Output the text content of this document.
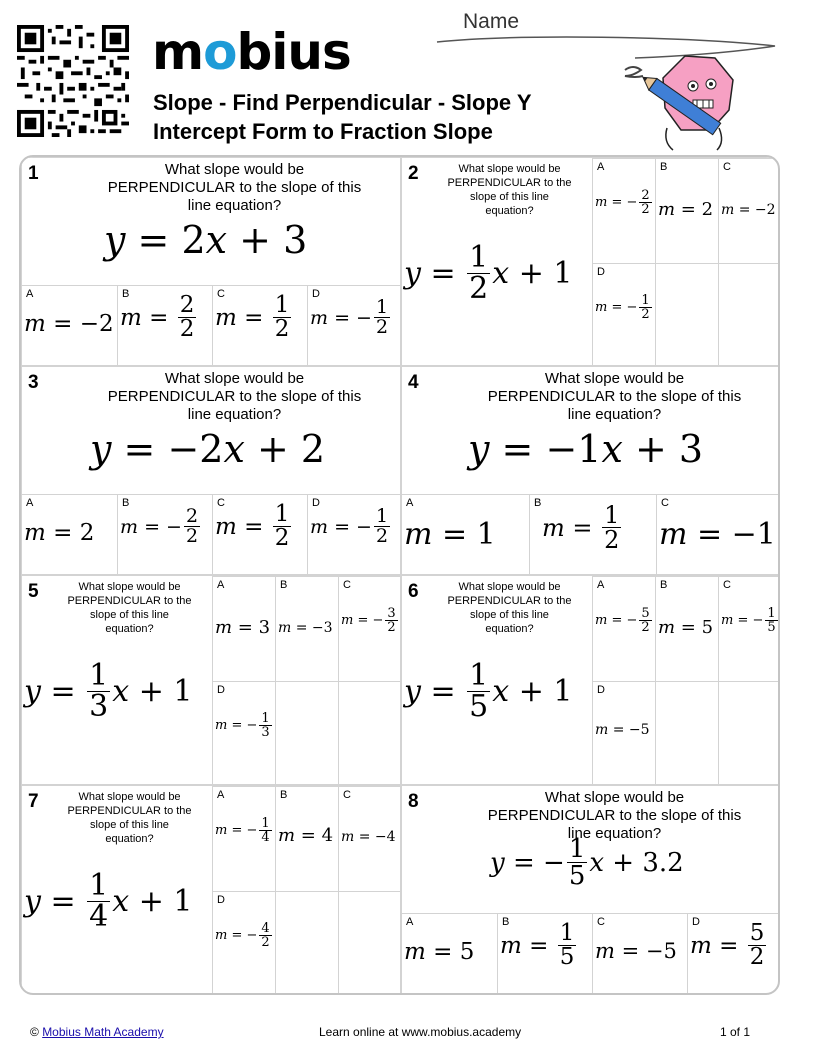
mobius
Slope - Find Perpendicular - Slope Y Intercept Form to Fraction Slope
Name
1	What slope would be PERPENDICULAR to the slope of this line equation?
y = 2 x + 3
A
m = −2
B
$m = \frac{2}{2}$ C
$m = \frac{1}{2}$ D
m = − $\frac{1}{2}$
2	What slope would be PERPENDICULAR to the slope of this line equation?
$y = \frac{1}{2}$ x + 1
A
m = − $\frac{2}{2}$
B
m = 2
C
m = −2
D
m = − $\frac{1}{2}$
3	What slope would be PERPENDICULAR to the slope of this line equation?
y = −2 x + 2
A
m = 2
B
m = − $\frac{2}{2}$
C
$m = \frac{1}{2}$ D
m = − $\frac{1}{2}$
4	What slope would be PERPENDICULAR to the slope of this line equation?
y = −1 x + 3
A
m = 1
B
$m = \frac{1}{2}$	C
m = −1
5	What slope would be PERPENDICULAR to the slope of this line equation?
$y = \frac{1}{3}$ x + 1
A
m = 3
B
m = −3
C
m = − $\frac{3}{2}$
D
m = − $\frac{1}{3}$
6	What slope would be PERPENDICULAR to the slope of this line equation?
$y = \frac{1}{5}$ x + 1
A
m = − $\frac{5}{2}$
B
m = 5
C
m = − $\frac{1}{5}$
D
m = −5
7	What slope would be PERPENDICULAR to the slope of this line equation?
$y = \frac{1}{4}$ x + 1
A
m = − $\frac{1}{4}$
B
m = 4
C
m = −4
D
m = − $\frac{4}{2}$
8	What slope would be PERPENDICULAR to the slope of this line equation?
y = − $\frac{1}{5}$ x + 3.2
A
m = 5
B
$m = \frac{1}{5}$ C
m = −5
D
$m = \frac{5}{2}$
© Mobius Math Academy	Learn online at www.mobius.academy	1 of 1
